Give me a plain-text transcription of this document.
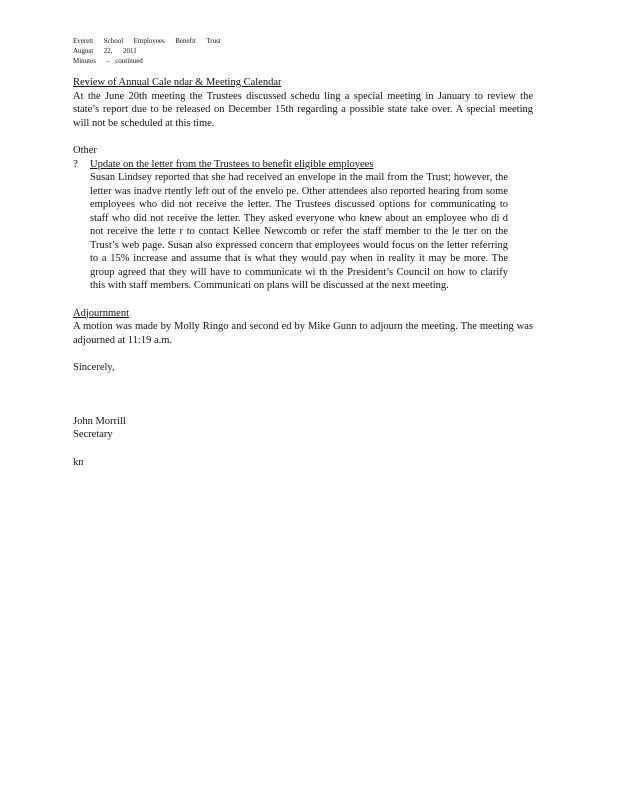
Everett      School      Employees      Benefit      Trust
August      22,      2011
Minutes      –   continued
Review of Annual Cale ndar & Meeting Calendar

At the June 20th meeting the Trustees discussed schedu ling a special meeting in January to review the state’s report due to be released on December 15th regarding a possible state take over. A special meeting will not be scheduled at this time.

Other
?	Update on the letter from the Trustees to benefit eligible employees

Susan Lindsey reported that she had received an envelope in the mail from the Trust; however, the letter was inadve rtently left out of the envelo pe. Other attendees also reported hearing from some employees who did not receive the letter. The Trustees discussed options for communicating to staff who did not receive the letter. They asked everyone who knew about an employee who di d not receive the lette r to contact Kellee Newcomb or refer the staff member to the le tter on the Trust’s web page. Susan also expressed concern that employees would focus on the letter referring to a 15% increase and assume that is what they would pay when in reality it may be more. The group agreed that they will have to communicate wi th the President’s Council on how to clarify this with staff members. Communicati on plans will be discussed at the next meeting.

Adjournment

A motion was made by Molly Ringo and second ed by Mike Gunn to adjourn the meeting. The meeting was adjourned at 11:19 a.m.

Sincerely,
John Morrill
Secretary
kn
